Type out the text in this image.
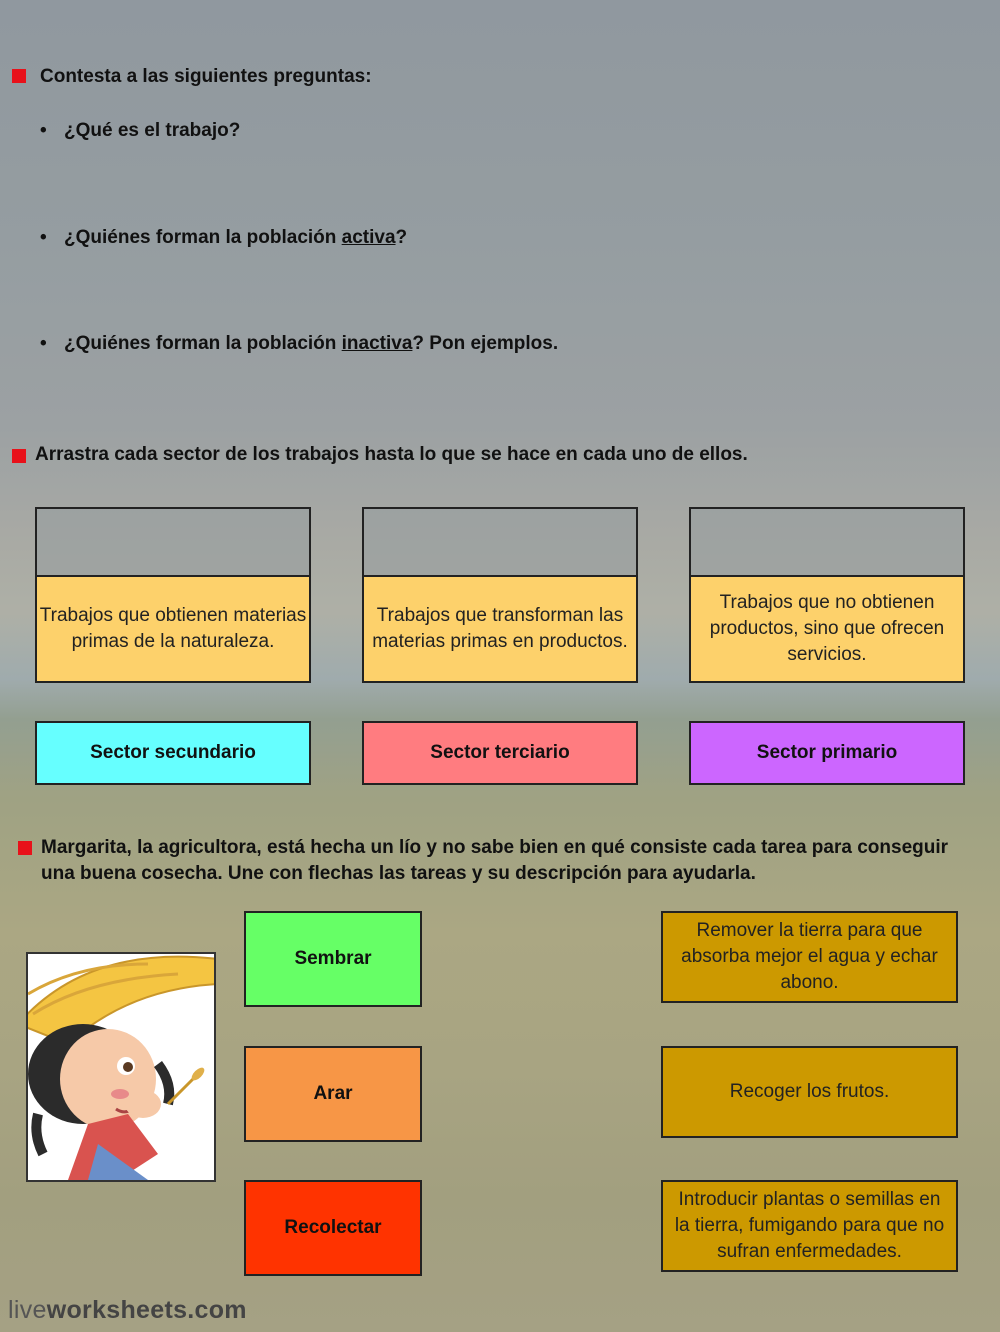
Contesta a las siguientes preguntas:
• ¿Qué es el trabajo?
• ¿Quiénes forman la población activa?
• ¿Quiénes forman la población inactiva? Pon ejemplos.
Arrastra cada sector de los trabajos hasta lo que se hace en cada uno de ellos.
Trabajos que obtienen materias primas de la naturaleza.
Trabajos que transforman las materias primas en productos.
Trabajos que no obtienen productos, sino que ofrecen servicios.
Sector secundario	Sector terciario	Sector primario
Margarita, la agricultora, está hecha un lío y no sabe bien en qué consiste cada tarea para conseguir una buena cosecha. Une con flechas las tareas y su descripción para ayudarla.
Sembrar
Arar
Recolectar
Remover la tierra para que absorba mejor el agua y echar abono.
Recoger los frutos.
Introducir plantas o semillas en la tierra, fumigando para que no sufran enfermedades.
liveworksheets.com
